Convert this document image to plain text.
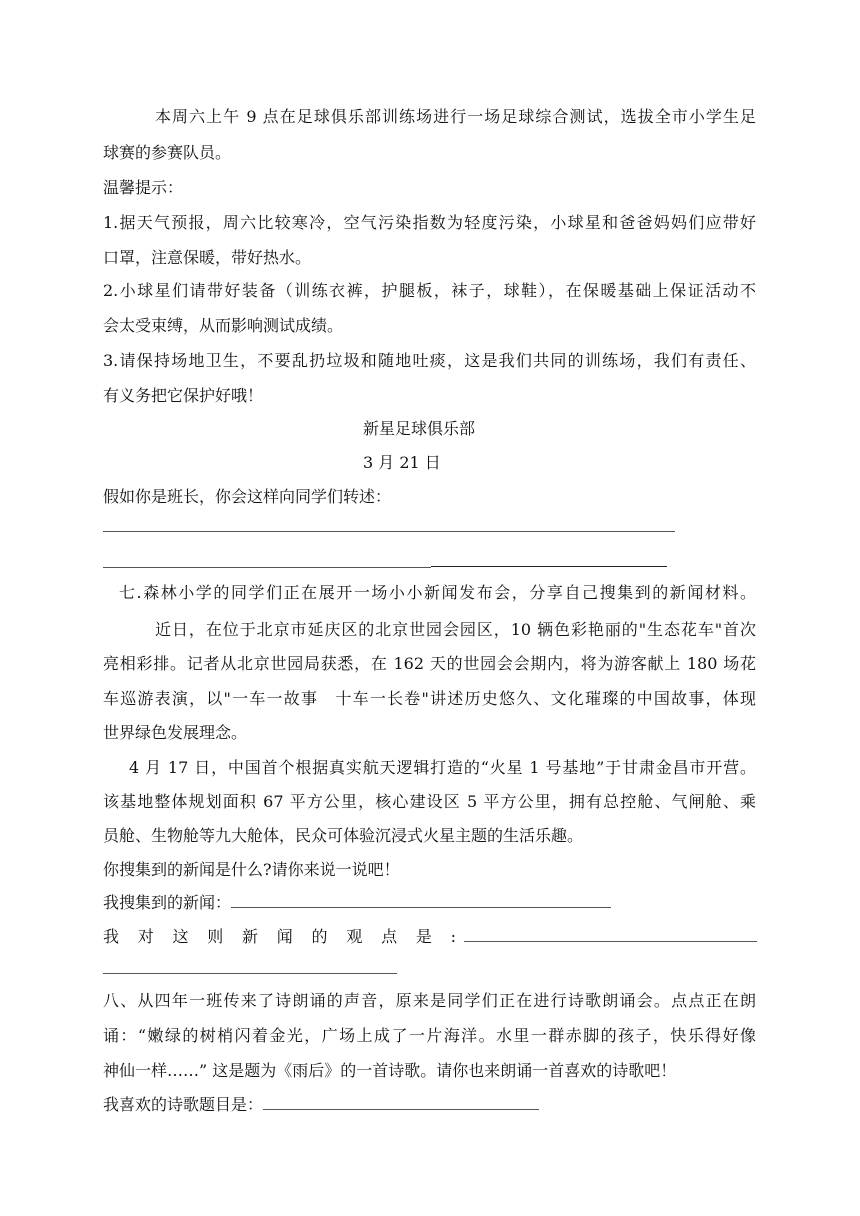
本周六上午 9 点在足球俱乐部训练场进行一场足球综合测试，选拔全市小学生足
球赛的参赛队员。
温馨提示：
1.据天气预报，周六比较寒冷，空气污染指数为轻度污染，小球星和爸爸妈妈们应带好
口罩，注意保暖，带好热水。
2.小球星们请带好装备（训练衣裤，护腿板，袜子，球鞋），在保暖基础上保证活动不
会太受束缚，从而影响测试成绩。
3.请保持场地卫生，不要乱扔垃圾和随地吐痰，这是我们共同的训练场，我们有责任、
有义务把它保护好哦！
新星足球俱乐部
3 月 21 日
假如你是班长，你会这样向同学们转述：
七.森林小学的同学们正在展开一场小小新闻发布会，分享自己搜集到的新闻材料。
近日，在位于北京市延庆区的北京世园会园区，10 辆色彩艳丽的"生态花车"首次
亮相彩排。记者从北京世园局获悉，在 162 天的世园会会期内，将为游客献上 180 场花
车巡游表演，以"一车一故事　十车一长卷"讲述历史悠久、文化璀璨的中国故事，体现
世界绿色发展理念。
4 月 17 日，中国首个根据真实航天逻辑打造的“火星 1 号基地”于甘肃金昌市开营。
该基地整体规划面积 67 平方公里，核心建设区 5 平方公里，拥有总控舱、气闸舱、乘
员舱、生物舱等九大舱体，民众可体验沉浸式火星主题的生活乐趣。
你搜集到的新闻是什么?请你来说一说吧！
我搜集到的新闻：
我　对　这　则　新　闻　的　观　点　是　:
八、从四年一班传来了诗朗诵的声音，原来是同学们正在进行诗歌朗诵会。点点正在朗
诵：“嫩绿的树梢闪着金光，广场上成了一片海洋。水里一群赤脚的孩子，快乐得好像
神仙一样……” 这是题为《雨后》的一首诗歌。请你也来朗诵一首喜欢的诗歌吧！
我喜欢的诗歌题目是：
